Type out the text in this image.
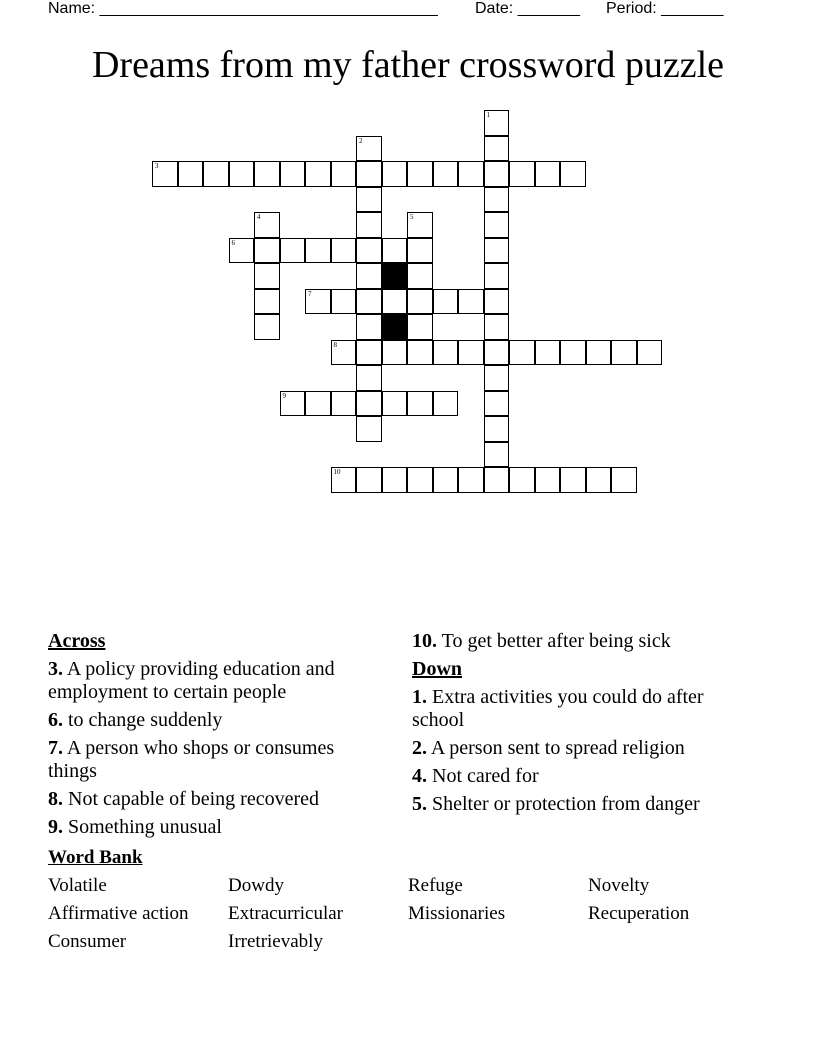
Name: ______________________________________ Date: _______ Period: _______
Dreams from my father crossword puzzle
1
2
3
4	5
6
7
8
9
10
Across
3. A policy providing education and employment to certain people
6. to change suddenly
7. A person who shops or consumes things
8. Not capable of being recovered
9. Something unusual
10. To get better after being sick
Down
1. Extra activities you could do after school
2. A person sent to spread religion
4. Not cared for
5. Shelter or protection from danger
Word Bank
Volatile	Dowdy	Refuge	Novelty
Affirmative action	Extracurricular	Missionaries	Recuperation
Consumer	Irretrievably
